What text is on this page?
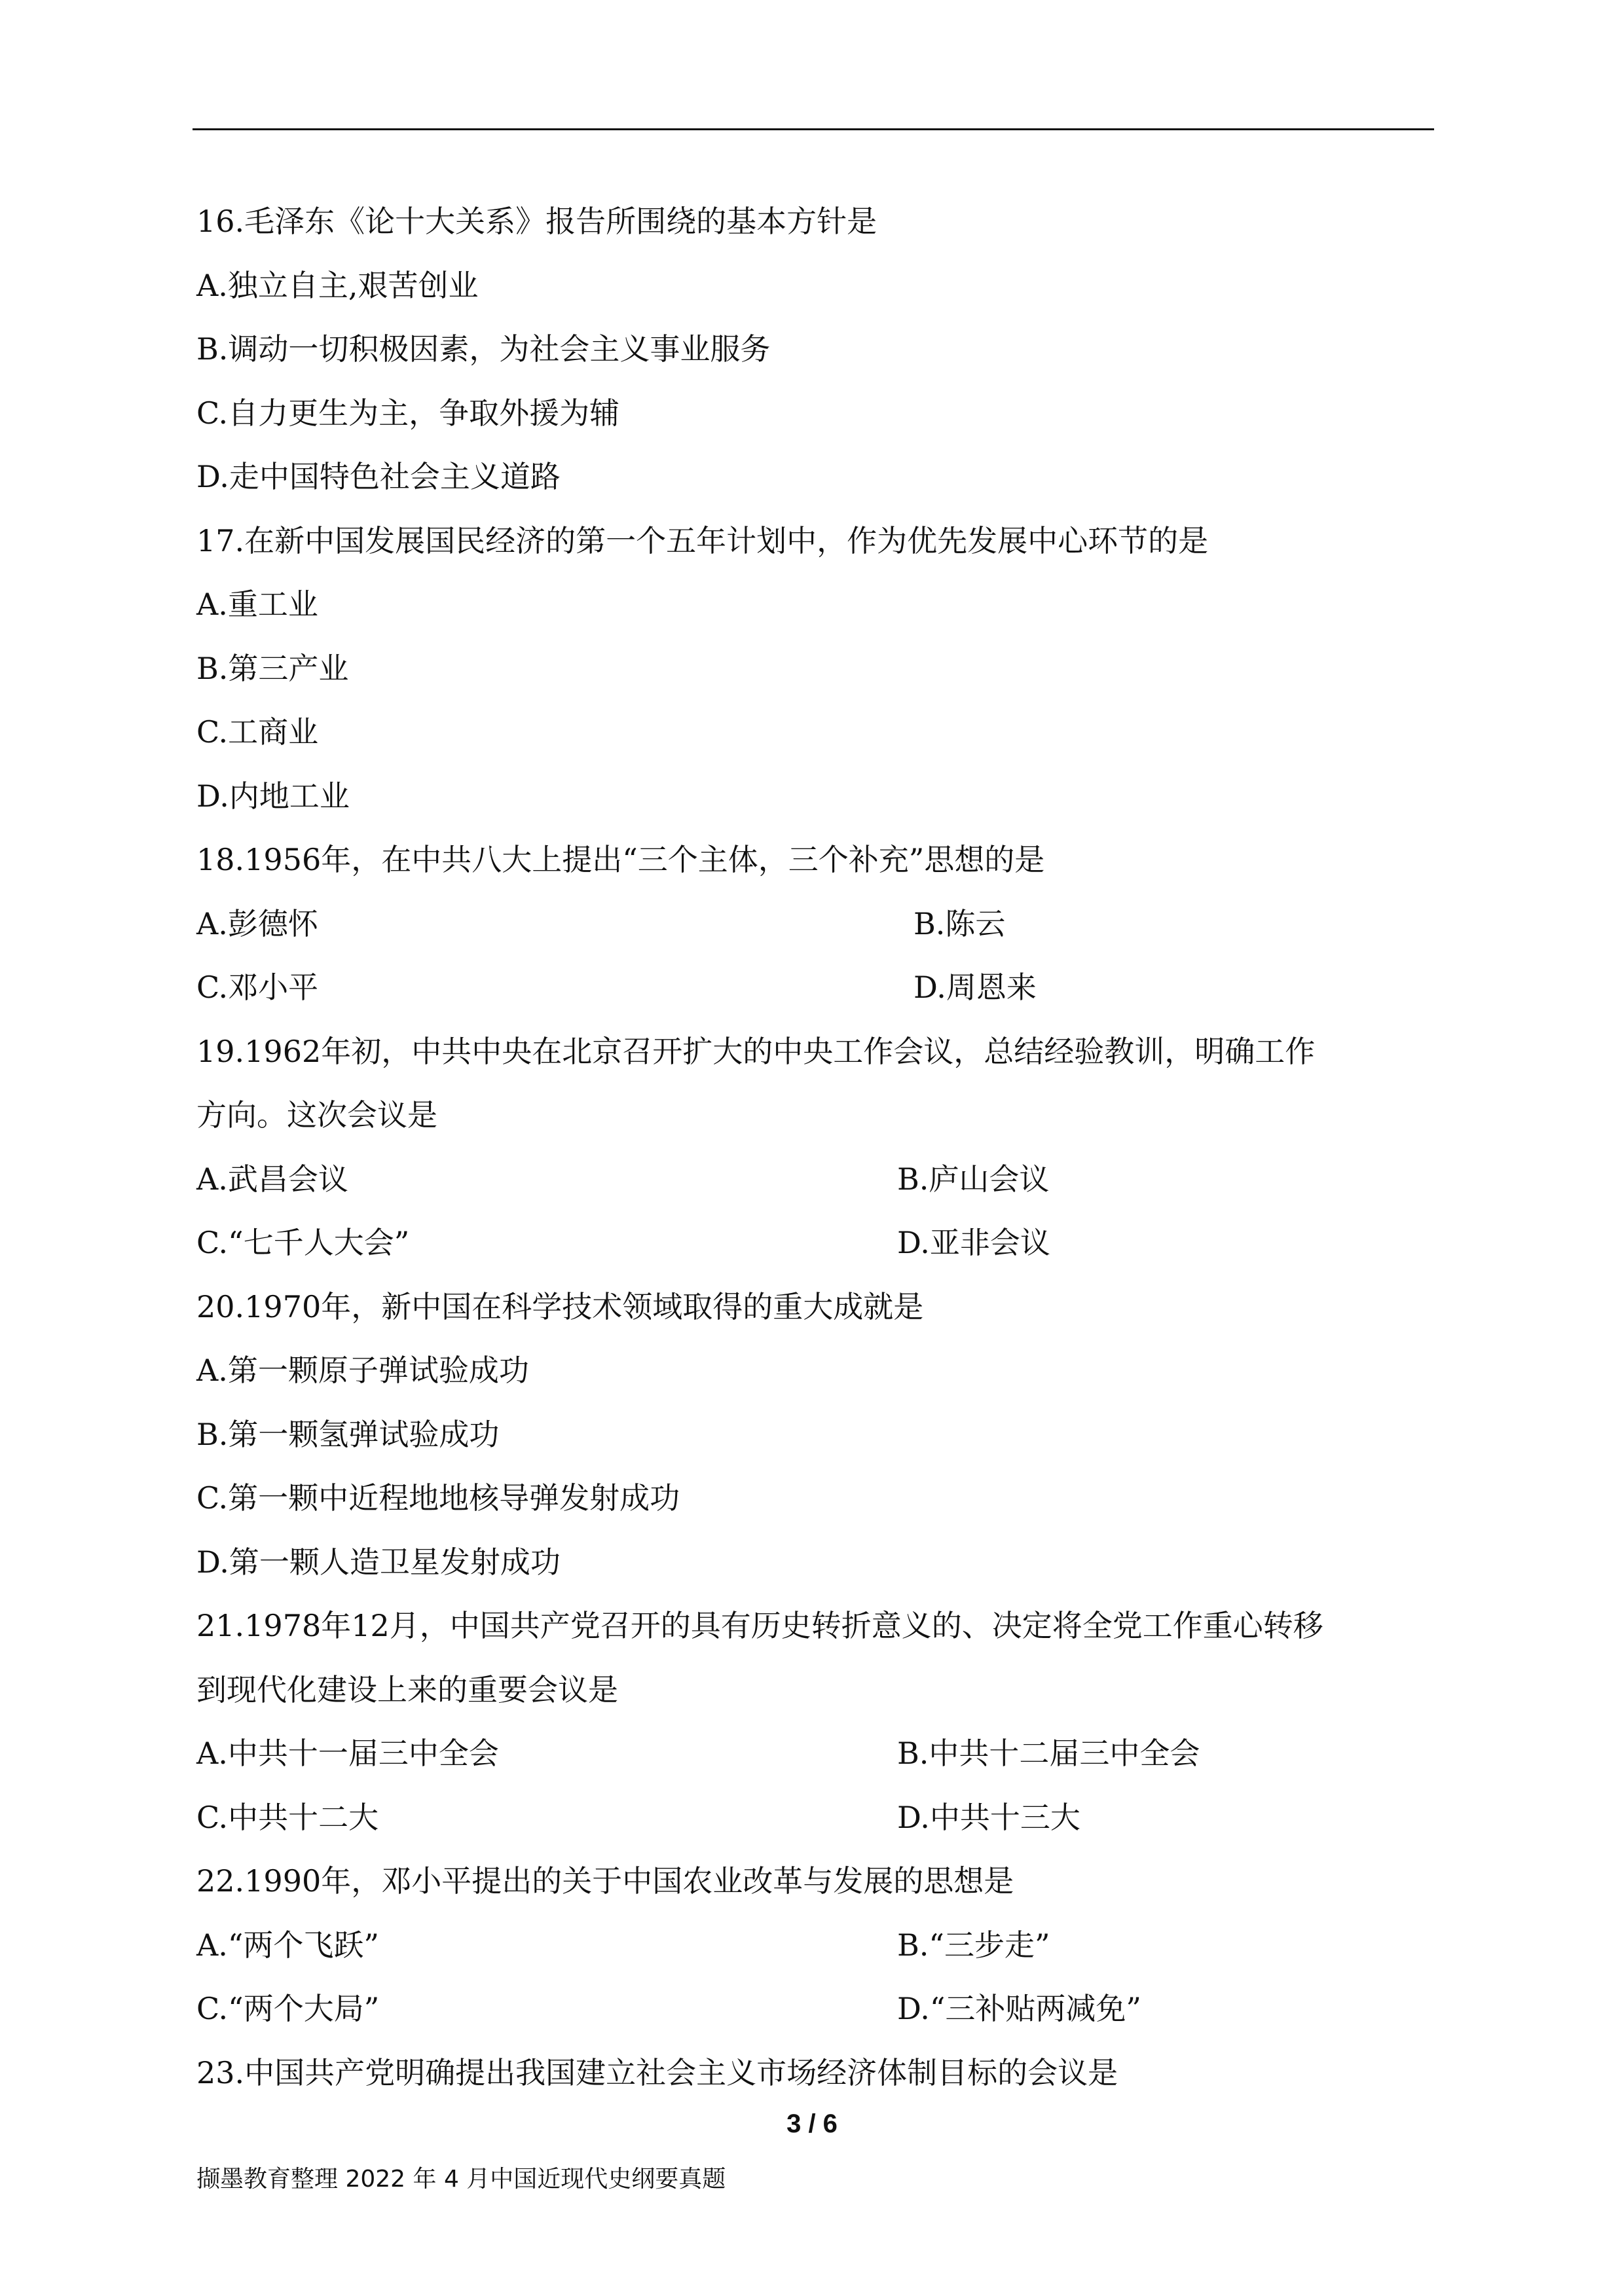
16.毛泽东《论十大关系》报告所围绕的基本方针是
A.独立自主,艰苦创业
B.调动一切积极因素，为社会主义事业服务
C.自力更生为主，争取外援为辅
D.走中国特色社会主义道路
17.在新中国发展国民经济的第一个五年计划中，作为优先发展中心环节的是
A.重工业
B.第三产业
C.工商业
D.内地工业
18.1956年，在中共八大上提出“三个主体，三个补充”思想的是
A.彭德怀	B.陈云
C.邓小平	D.周恩来
19.1962年初，中共中央在北京召开扩大的中央工作会议，总结经验教训，明确工作
方向。这次会议是
A.武昌会议	B.庐山会议
C.“七千人大会”	D.亚非会议
20.1970年，新中国在科学技术领域取得的重大成就是
A.第一颗原子弹试验成功
B.第一颗氢弹试验成功
C.第一颗中近程地地核导弹发射成功
D.第一颗人造卫星发射成功
21.1978年12月，中国共产党召开的具有历史转折意义的、决定将全党工作重心转移
到现代化建设上来的重要会议是
A.中共十一届三中全会	B.中共十二届三中全会
C.中共十二大	D.中共十三大
22.1990年，邓小平提出的关于中国农业改革与发展的思想是
A.“两个飞跃”	B.“三步走”
C.“两个大局”	D.“三补贴两减免”
23.中国共产党明确提出我国建立社会主义市场经济体制目标的会议是
3 / 6
撷墨教育整理 2022 年 4 月中国近现代史纲要真题
